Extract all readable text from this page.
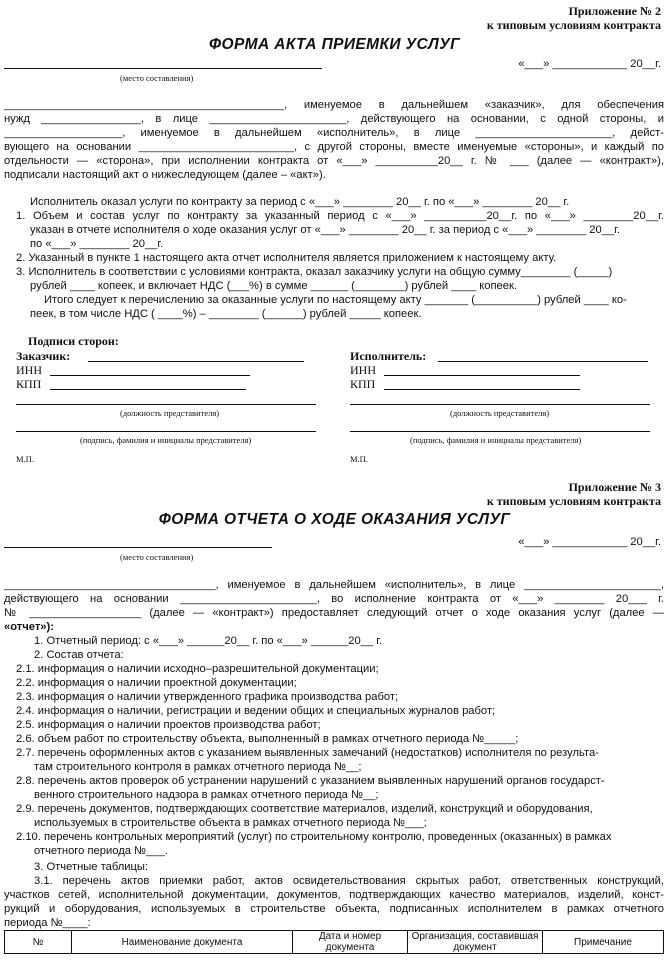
Приложение № 2
к типовым условиям контракта
ФОРМА АКТА ПРИЕМКИ УСЛУГ
«___» ____________ 20__г.
(место составления)
_____________________________________________, именуемое в дальнейшем «заказчик», для обеспечения
нужд ________________, в лице ______________________, действующего на основании, с одной стороны, и
___________________, именуемое в дальнейшем «исполнитель», в лице ______________________, дейст-
вующего на основании _________________________, с другой стороны, вместе именуемые «стороны», и каждый по
отдельности — «сторона», при исполнении контракта от «___» __________20__ г. № ___ (далее — «контракт»),
подписали настоящий акт о нижеследующем (далее – «акт»).
Исполнитель оказал услуги по контракту за период с «___» ________ 20__ г. по «___» ________ 20__ г.
1. Объем и состав услуг по контракту за указанный период с «___» __________20__г. по «___» ________20__г.
указан в отчете исполнителя о ходе оказания услуг от «___» ________ 20__ г. за период с «___» ________ 20__г.
по «___» ________ 20__г.
2. Указанный в пункте 1 настоящего акта отчет исполнителя является приложением к настоящему акту.
3. Исполнитель в соответствии с условиями контракта, оказал заказчику услуги на общую сумму________ (_____)
рублей ____ копеек, и включает НДС (___%) в сумме ______ (________) рублей ____ копеек.
Итого следует к перечислению за оказанные услуги по настоящему акту _______ (__________) рублей ____ ко-
пеек, в том числе НДС ( ____%) – ________ (______) рублей _____ копеек.
Подписи сторон:
Заказчик:
ИНН
КПП
(должность представителя)
(подпись, фамилия и инициалы представителя)
М.П.
Исполнитель:
ИНН
КПП
(должность представителя)
(подпись, фамилия и инициалы представителя)
М.П.
Приложение № 3
к типовым условиям контракта
ФОРМА ОТЧЕТА О ХОДЕ ОКАЗАНИЯ УСЛУГ
«___» ____________ 20__г.
(место составления)
__________________________________, именуемое в дальнейшем «исполнитель», в лице ______________________,
действующего на основании ______________________, во исполнение контракта от «___» ________ 20___ г.
№ __________________ (далее — «контракт») предоставляет следующий отчет о ходе оказания услуг (далее —
«отчет»):
1. Отчетный период: с «___» ______20__ г. по «___» ______20__ г.
2. Состав отчета:
2.1. информация о наличии исходно–разрешительной документации;
2.2. информация о наличии проектной документации;
2.3. информация о наличии утвержденного графика производства работ;
2.4. информация о наличии, регистрации и ведении общих и специальных журналов работ;
2.5. информация о наличии проектов производства работ;
2.6. объем работ по строительству объекта, выполненный в рамках отчетного периода №_____;
2.7. перечень оформленных актов с указанием выявленных замечаний (недостатков) исполнителя по результа-
там строительного контроля в рамках отчетного периода №__;
2.8. перечень актов проверок об устранении нарушений с указанием выявленных нарушений органов государст-
венного строительного надзора в рамках отчетного периода №__;
2.9. перечень документов, подтверждающих соответствие материалов, изделий, конструкций и оборудования,
используемых в строительстве объекта в рамках отчетного периода №___;
2.10. перечень контрольных мероприятий (услуг) по строительному контролю, проведенных (оказанных) в рамках
отчетного периода №___.
3. Отчетные таблицы:
3.1. перечень актов приемки работ, актов освидетельствования скрытых работ, ответственных конструкций,
участков сетей, исполнительной документации, документов, подтверждающих качество материалов, изделий, конст-
рукций и оборудования, используемых в строительстве объекта, подписанных исполнителем в рамках отчетного
периода №____:
№	Наименование документа	Дата и номер документа	Организация, составившая документ	Примечание
